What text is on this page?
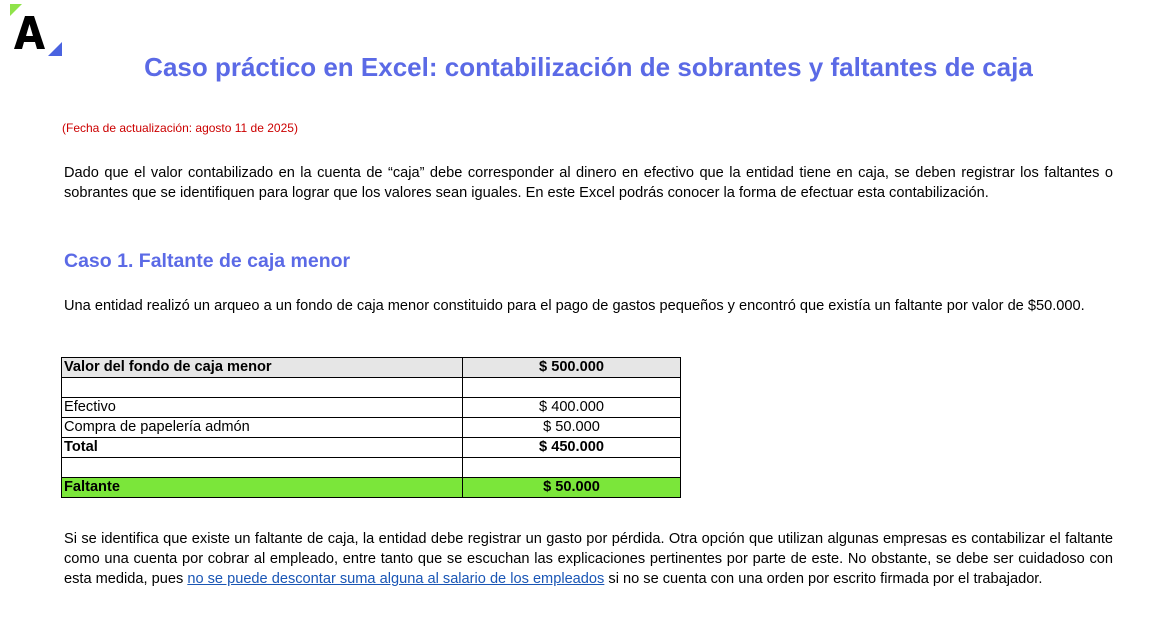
Caso práctico en Excel: contabilización de sobrantes y faltantes de caja
(Fecha de actualización: agosto 11 de 2025)

Dado que el valor contabilizado en la cuenta de “caja” debe corresponder al dinero en efectivo que la entidad tiene en caja, se deben registrar los faltantes o sobrantes que se identifiquen para lograr que los valores sean iguales. En este Excel podrás conocer la forma de efectuar esta contabilización.

Caso 1. Faltante de caja menor

Una entidad realizó un arqueo a un fondo de caja menor constituido para el pago de gastos pequeños y encontró que existía un faltante por valor de $50.000.

Valor del fondo de caja menor	$ 500.000

Efectivo	$ 400.000
Compra de papelería admón	$ 50.000
Total	$ 450.000

Faltante	$ 50.000

Si se identifica que existe un faltante de caja, la entidad debe registrar un gasto por pérdida. Otra opción que utilizan algunas empresas es contabilizar el faltante como una cuenta por cobrar al empleado, entre tanto que se escuchan las explicaciones pertinentes por parte de este. No obstante, se debe ser cuidadoso con esta medida, pues no se puede descontar suma alguna al salario de los empleados si no se cuenta con una orden por escrito firmada por el trabajador.
